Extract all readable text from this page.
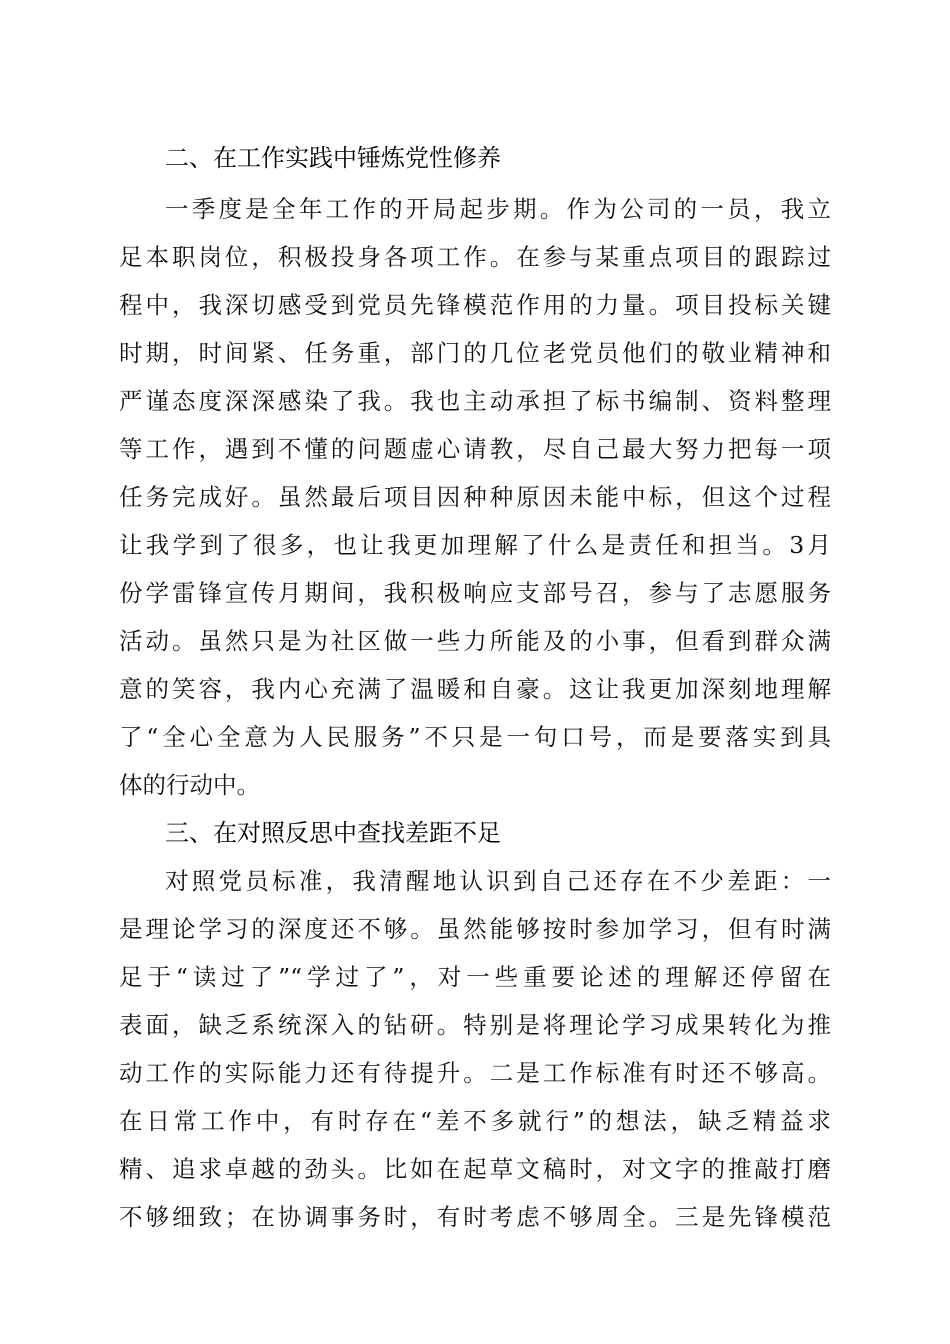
二、在工作实践中锤炼党性修养
一季度是全年工作的开局起步期。作为公司的一员，我立
足本职岗位，积极投身各项工作。在参与某重点项目的跟踪过
程中，我深切感受到党员先锋模范作用的力量。项目投标关键
时期，时间紧、任务重，部门的几位老党员他们的敬业精神和
严谨态度深深感染了我。我也主动承担了标书编制、资料整理
等工作，遇到不懂的问题虚心请教，尽自己最大努力把每一项
任务完成好。虽然最后项目因种种原因未能中标，但这个过程
让我学到了很多，也让我更加理解了什么是责任和担当。3月
份学雷锋宣传月期间，我积极响应支部号召，参与了志愿服务
活动。虽然只是为社区做一些力所能及的小事，但看到群众满
意的笑容，我内心充满了温暖和自豪。这让我更加深刻地理解
了“全心全意为人民服务”不只是一句口号，而是要落实到具
体的行动中。
三、在对照反思中查找差距不足
对照党员标准，我清醒地认识到自己还存在不少差距：一
是理论学习的深度还不够。虽然能够按时参加学习，但有时满
足于“读过了”“学过了”，对一些重要论述的理解还停留在
表面，缺乏系统深入的钻研。特别是将理论学习成果转化为推
动工作的实际能力还有待提升。二是工作标准有时还不够高。
在日常工作中，有时存在“差不多就行”的想法，缺乏精益求
精、追求卓越的劲头。比如在起草文稿时，对文字的推敲打磨
不够细致；在协调事务时，有时考虑不够周全。三是先锋模范
